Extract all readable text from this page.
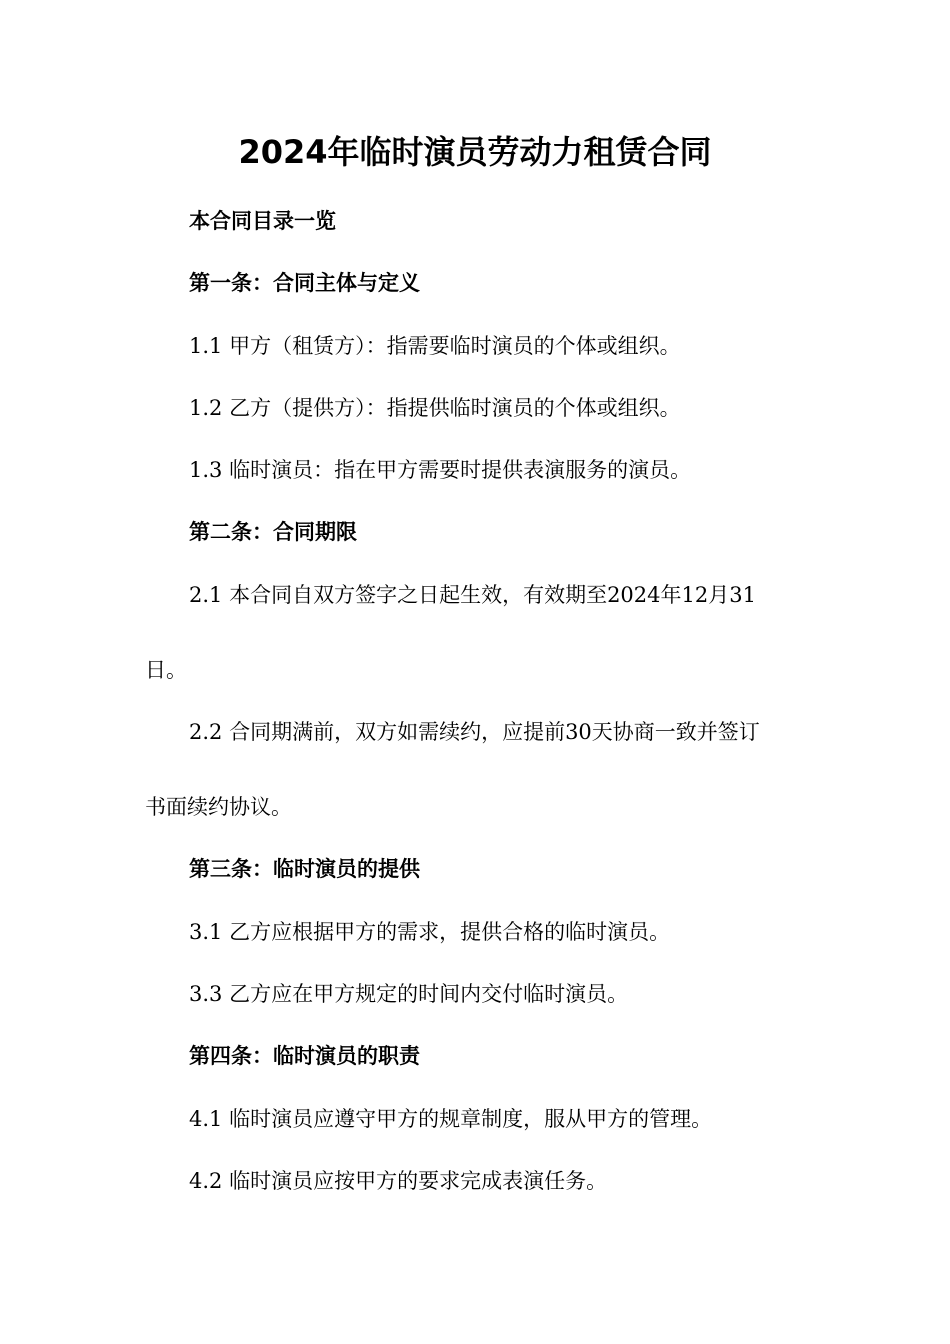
2024年临时演员劳动力租赁合同
本合同目录一览
第一条：合同主体与定义
1.1 甲方（租赁方）：指需要临时演员的个体或组织。
1.2 乙方（提供方）：指提供临时演员的个体或组织。
1.3 临时演员：指在甲方需要时提供表演服务的演员。
第二条：合同期限
2.1 本合同自双方签字之日起生效，有效期至2024年12月31
日。
2.2 合同期满前，双方如需续约，应提前30天协商一致并签订
书面续约协议。
第三条：临时演员的提供
3.1 乙方应根据甲方的需求，提供合格的临时演员。
3.3 乙方应在甲方规定的时间内交付临时演员。
第四条：临时演员的职责
4.1 临时演员应遵守甲方的规章制度，服从甲方的管理。
4.2 临时演员应按甲方的要求完成表演任务。
